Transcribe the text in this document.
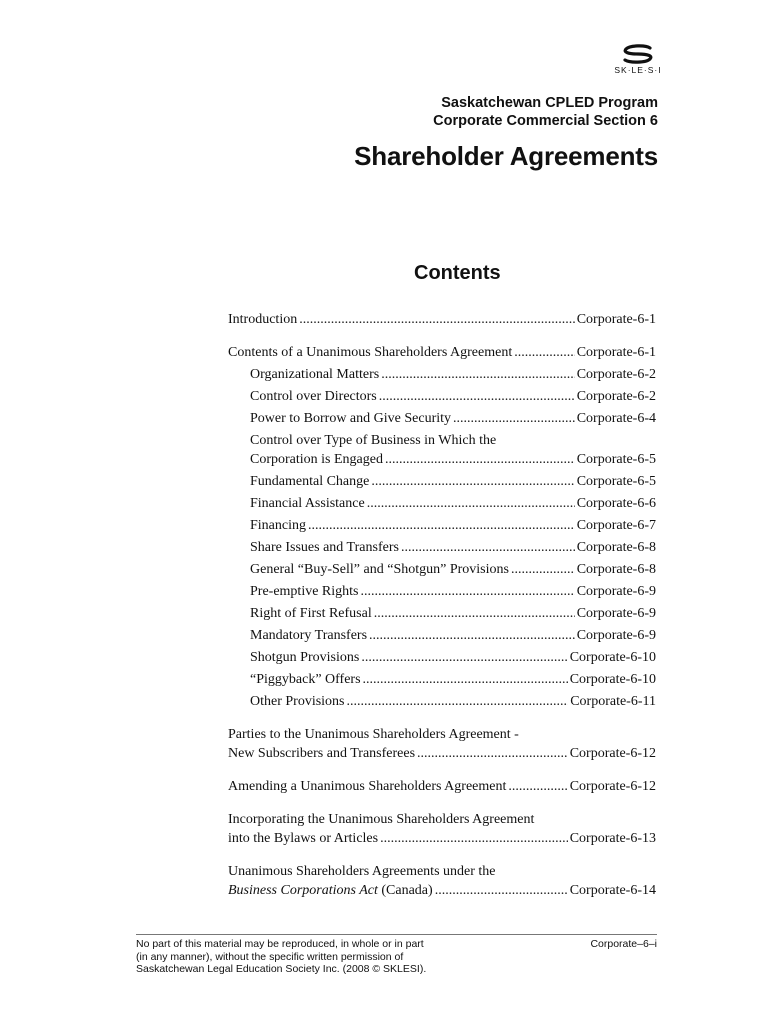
SK·LE·S·I
Saskatchewan CPLED Program
Corporate Commercial Section 6
Shareholder Agreements
Contents
Introduction .....	Corporate-6-1
Contents of a Unanimous Shareholders Agreement .....	Corporate-6-1
Organizational Matters .....	Corporate-6-2
Control over Directors .....	Corporate-6-2
Power to Borrow and Give Security .....	Corporate-6-4
Control over Type of Business in Which the
Corporation is Engaged .....	Corporate-6-5
Fundamental Change .....	Corporate-6-5
Financial Assistance .....	Corporate-6-6
Financing .....	Corporate-6-7
Share Issues and Transfers .....	Corporate-6-8
General “Buy-Sell” and “Shotgun” Provisions .....	Corporate-6-8
Pre-emptive Rights .....	Corporate-6-9
Right of First Refusal .....	Corporate-6-9
Mandatory Transfers .....	Corporate-6-9
Shotgun Provisions .....	Corporate-6-10
“Piggyback” Offers .....	Corporate-6-10
Other Provisions .....	Corporate-6-11
Parties to the Unanimous Shareholders Agreement -
New Subscribers and Transferees .....	Corporate-6-12
Amending a Unanimous Shareholders Agreement .....	Corporate-6-12
Incorporating the Unanimous Shareholders Agreement
into the Bylaws or Articles .....	Corporate-6-13
Unanimous Shareholders Agreements under the
Business Corporations Act (Canada) .....	Corporate-6-14
No part of this material may be reproduced, in whole or in part
(in any manner), without the specific written permission of
Saskatchewan Legal Education Society Inc. (2008 © SKLESI).
Corporate–6–i
